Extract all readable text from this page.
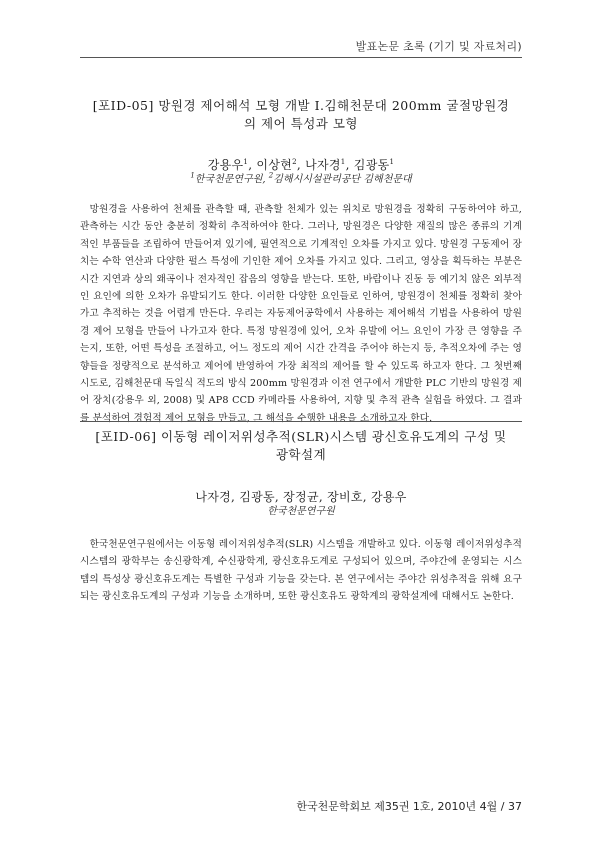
발표논문 초록 (기기 및 자료처리)
[포ID-05] 망원경 제어해석 모형 개발 I.김해천문대 200mm 굴절망원경의 제어 특성과 모형
강용우$^1$, 이상현$^2$, 나자경$^1$, 김광동$^1$
$^1$한국천문연구원, $^2$김해시시설관리공단 김해천문대

망원경을 사용하여 천체를 관측할 때, 관측할 천체가 있는 위치로 망원경을 정확히 구동하여야 하고, 관측하는 시간 동안 충분히 정확히 추적하여야 한다. 그러나, 망원경은 다양한 재질의 많은 종류의 기계적인 부품들을 조립하여 만들어져 있기에, 필연적으로 기계적인 오차를 가지고 있다. 망원경 구동제어 장치는 수학 연산과 다양한 펄스 특성에 기인한 제어 오차를 가지고 있다. 그리고, 영상을 획득하는 부분은 시간 지연과 상의 왜곡이나 전자적인 잡음의 영향을 받는다. 또한, 바람이나 진동 등 예기치 않은 외부적인 요인에 의한 오차가 유발되기도 한다. 이러한 다양한 요인들로 인하여, 망원경이 천체를 정확히 찾아가고 추적하는 것을 어렵게 만든다. 우리는 자동제어공학에서 사용하는 제어해석 기법을 사용하여 망원경 제어 모형을 만들어 나가고자 한다. 특정 망원경에 있어, 오차 유발에 어느 요인이 가장 큰 영향을 주는지, 또한, 어떤 특성을 조절하고, 어느 정도의 제어 시간 간격을 주어야 하는지 등, 추적오차에 주는 영향들을 정량적으로 분석하고 제어에 반영하여 가장 최적의 제어를 할 수 있도록 하고자 한다. 그 첫번째 시도로, 김해천문대 독일식 적도의 방식 200mm 망원경과 이전 연구에서 개발한 PLC 기반의 망원경 제어 장치(강용우 외, 2008) 및 AP8 CCD 카메라를 사용하여, 지향 및 추적 관측 실험을 하였다. 그 결과를 분석하여 경험적 제어 모형을 만들고, 그 해석을 수행한 내용을 소개하고자 한다.

[포ID-06] 이동형 레이저위성추적(SLR)시스템 광신호유도계의 구성 및 광학설계
나자경, 김광동, 장정균, 장비호, 강용우
한국천문연구원

한국천문연구원에서는 이동형 레이저위성추적(SLR) 시스템을 개발하고 있다. 이동형 레이저위성추적 시스템의 광학부는 송신광학계, 수신광학계, 광신호유도계로 구성되어 있으며, 주야간에 운영되는 시스템의 특성상 광신호유도계는 특별한 구성과 기능을 갖는다. 본 연구에서는 주야간 위성추적을 위해 요구되는 광신호유도계의 구성과 기능을 소개하며, 또한 광신호유도 광학계의 광학설계에 대해서도 논한다.

한국천문학회보 제35권 1호, 2010년 4월 / 37
